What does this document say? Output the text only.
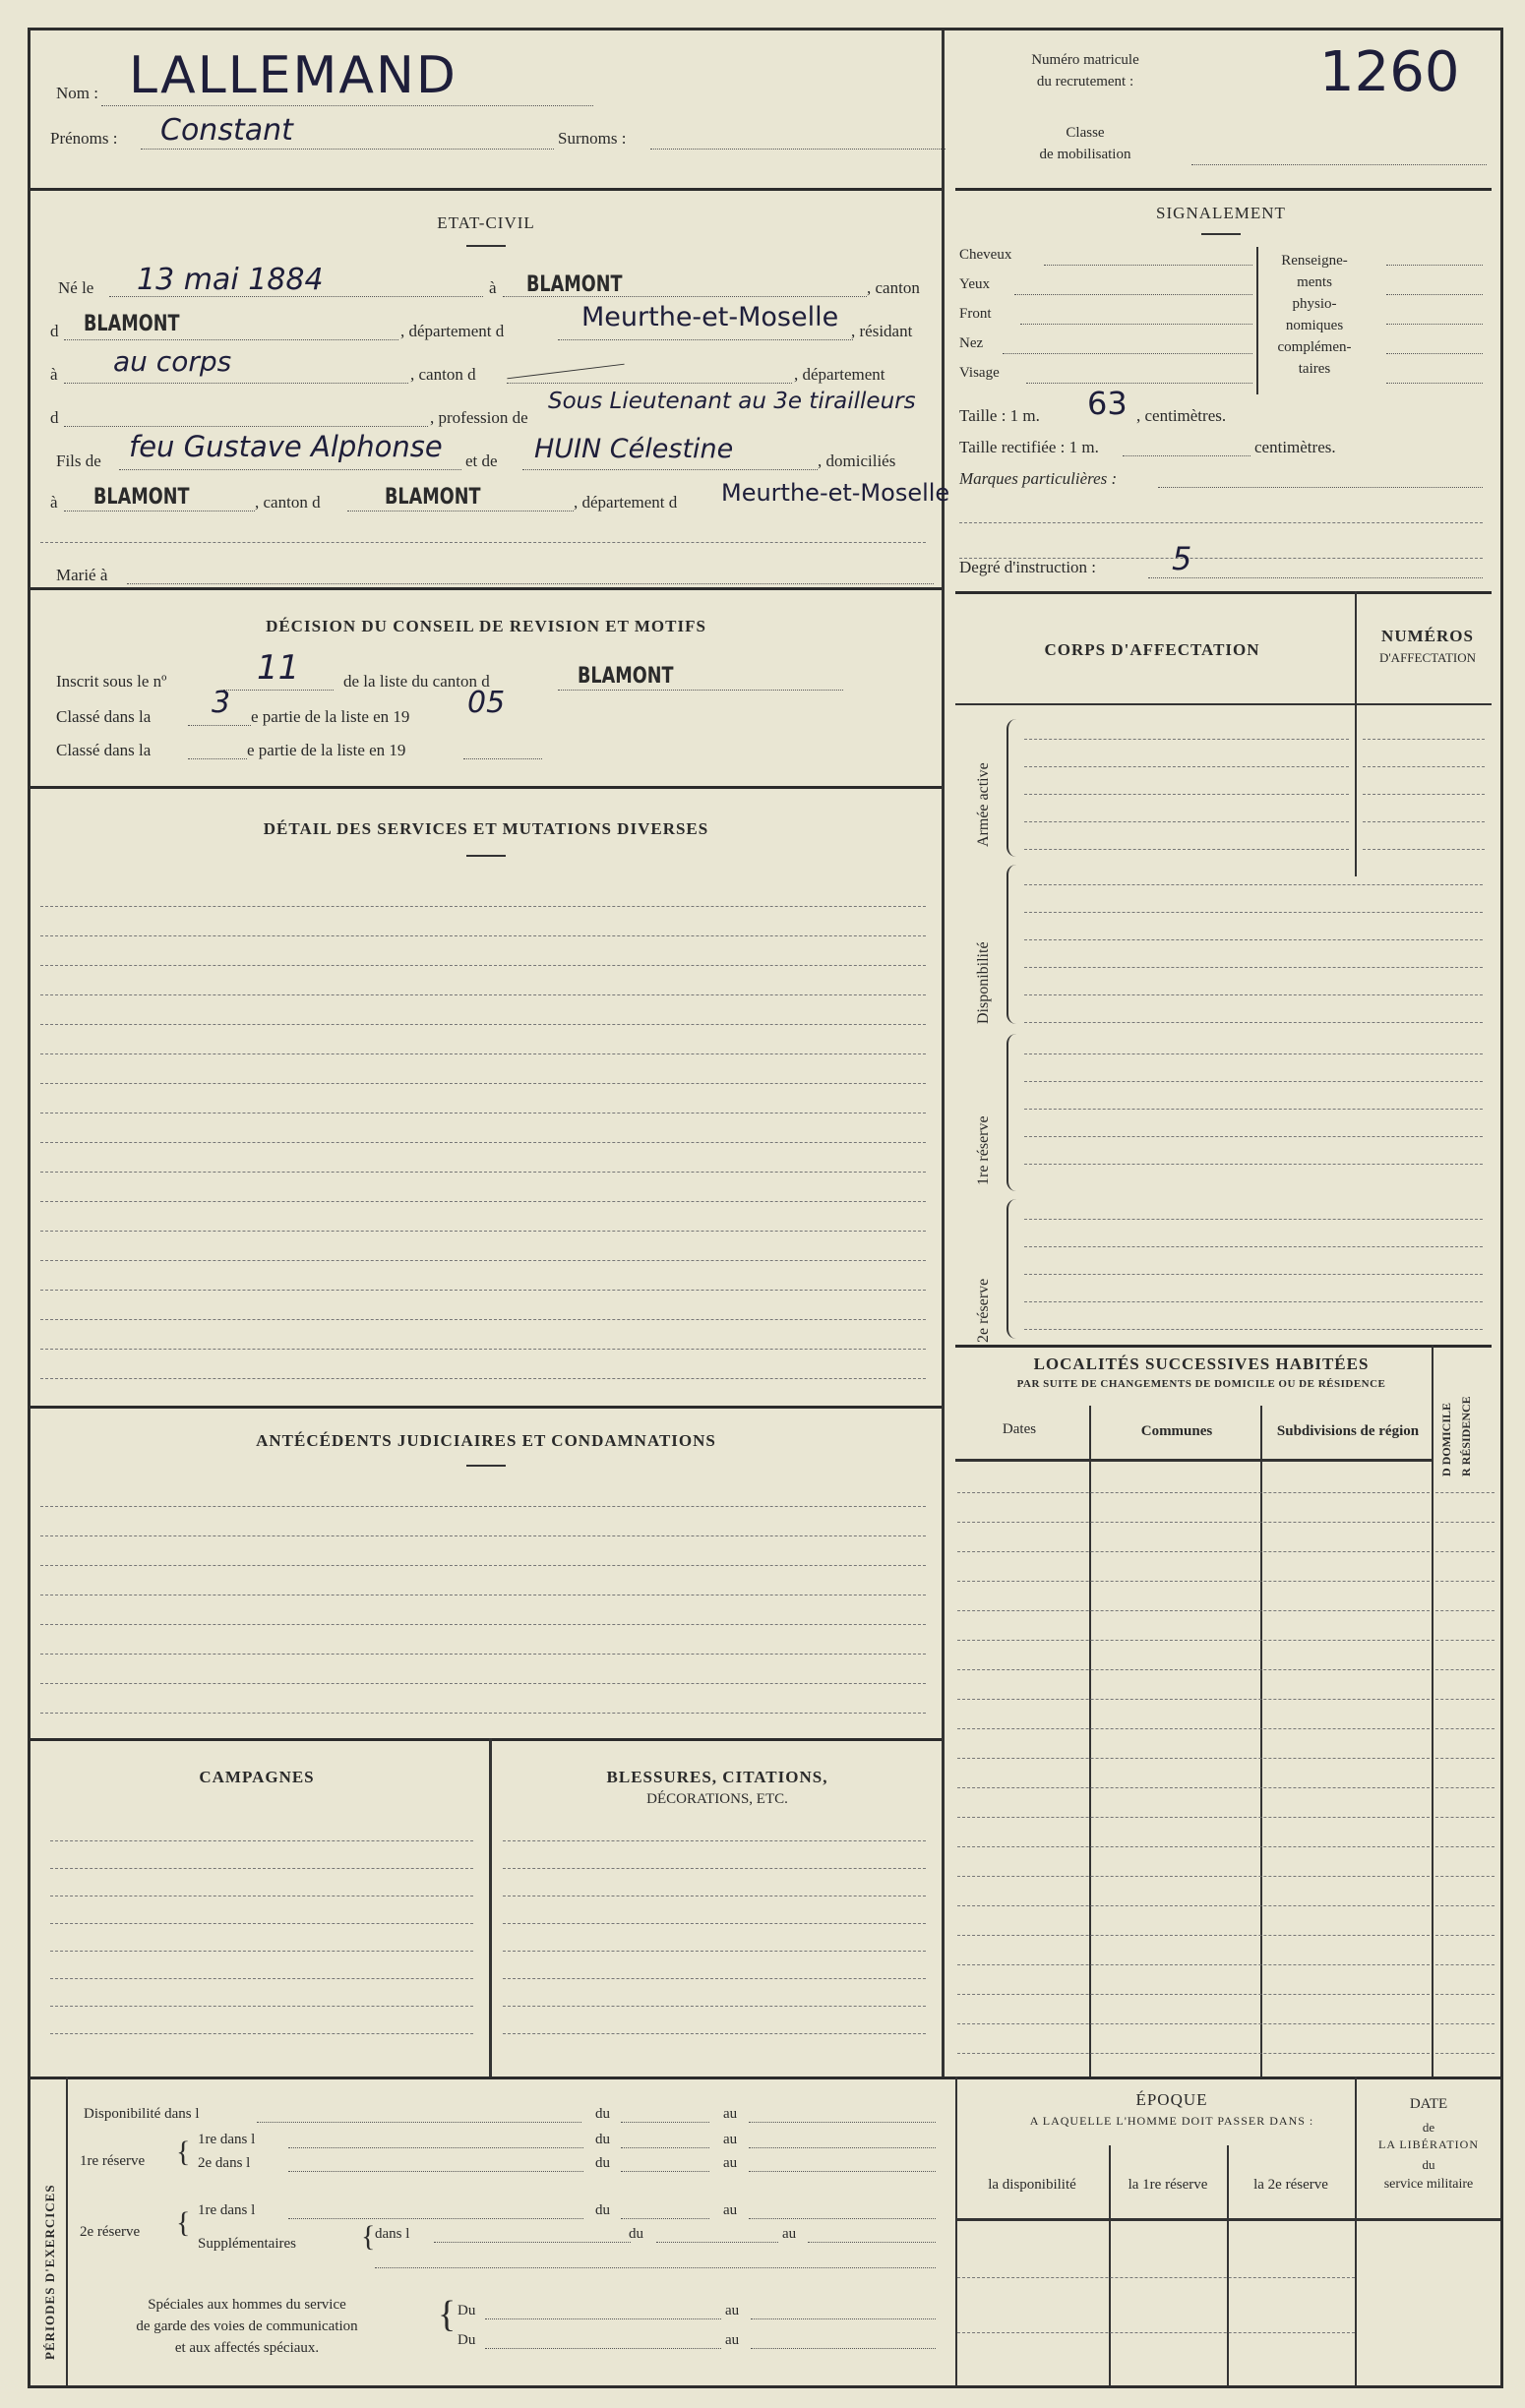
Nom : LALLEMAND
Prénoms : Constant	Surnoms :
Numéro matricule
du recrutement :	1260
Classe
de mobilisation
ETAT-CIVIL
Né le 13 mai 1884	à BLAMONT	, canton
d BLAMONT	, département d	Meurthe-et-Moselle , résidant
à au corps	, canton d	, département
d	, profession de
Sous Lieutenant au 3e tirailleurs
Fils de feu Gustave Alphonse et de HUIN Célestine	, domiciliés
à BLAMONT	, canton d	BLAMONT	, département d Meurthe-et-Moselle
Marié à
SIGNALEMENT
Cheveux
Yeux
Front
Nez
Visage
Renseigne-
ments
physio-
nomiques
complémen-
taires
Taille : 1 m. 63 , centimètres.
Taille rectifiée : 1 m.	centimètres.
Marques particulières :
Degré d'instruction : 5
DÉCISION DU CONSEIL DE REVISION ET MOTIFS
Inscrit sous le nº	11	de la liste du canton d	BLAMONT
Classé dans la 3 e partie de la liste en 19 05
Classé dans la	e partie de la liste en 19
DÉTAIL DES SERVICES ET MUTATIONS DIVERSES
ANTÉCÉDENTS JUDICIAIRES ET CONDAMNATIONS
CAMPAGNES	BLESSURES, CITATIONS,
DÉCORATIONS, ETC.
CORPS D'AFFECTATION
NUMÉROS
D'AFFECTATION
Armée active
Disponibilité
1re réserve
2e réserve
LOCALITÉS SUCCESSIVES HABITÉES
PAR SUITE DE CHANGEMENTS DE DOMICILE OU DE RÉSIDENCE
D DOMICILE R RÉSIDENCE
Dates	Communes	Subdivisions de région
PÉRIODES D'EXERCICES
Disponibilité dans l	du	au
1re réserve { 1re dans l	du	au
2e dans l	du	au
2e réserve { 1re dans l	du	au
Supplémentaires { dans l	du	au
Spéciales aux hommes du service
de garde des voies de communication
et aux affectés spéciaux.
{ Du	au
Du	au
ÉPOQUE
A LAQUELLE L'HOMME DOIT PASSER DANS :
la disponibilité	la 1re réserve	la 2e réserve
DATE
de
LA LIBÉRATION
du
service militaire
